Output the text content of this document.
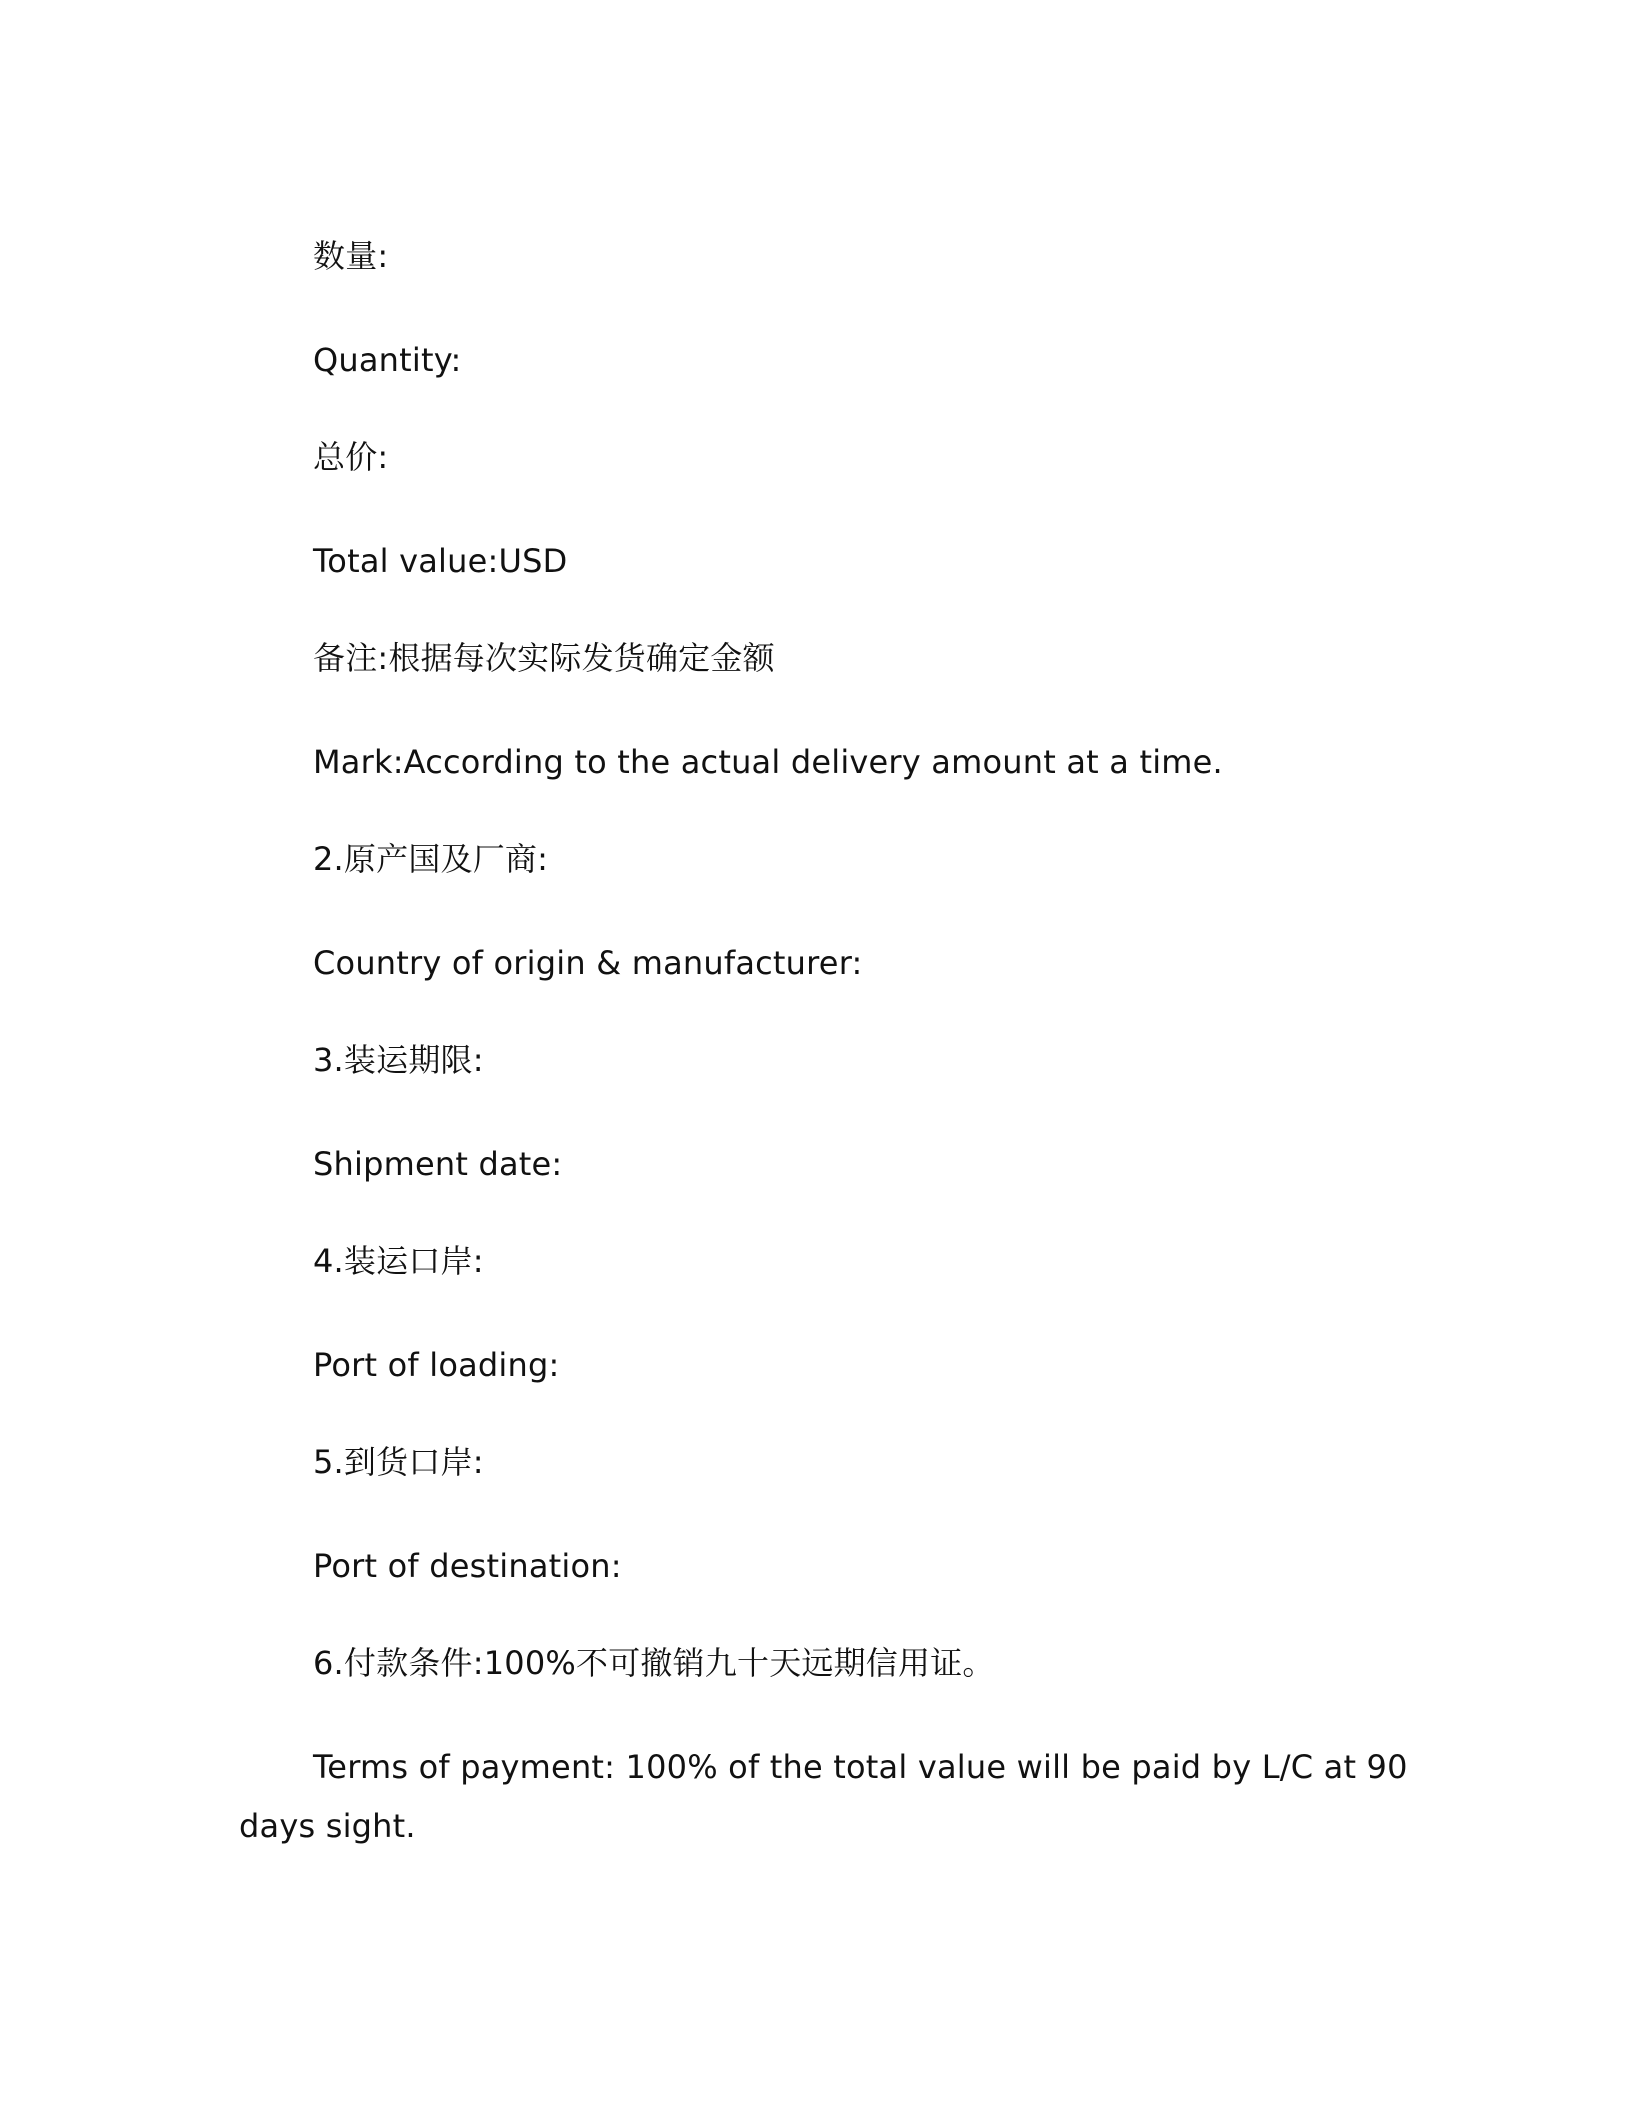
数量:

Quantity:

总价:

Total value:USD

备注:根据每次实际发货确定金额

Mark:According to the actual delivery amount at a time.

2.原产国及厂商:

Country of origin & manufacturer:

3.装运期限:

Shipment date:

4.装运口岸:

Port of loading:

5.到货口岸:

Port of destination:

6.付款条件:100%不可撤销九十天远期信用证。

Terms of payment: 100% of the total value will be paid by L/C at 90

days sight.
